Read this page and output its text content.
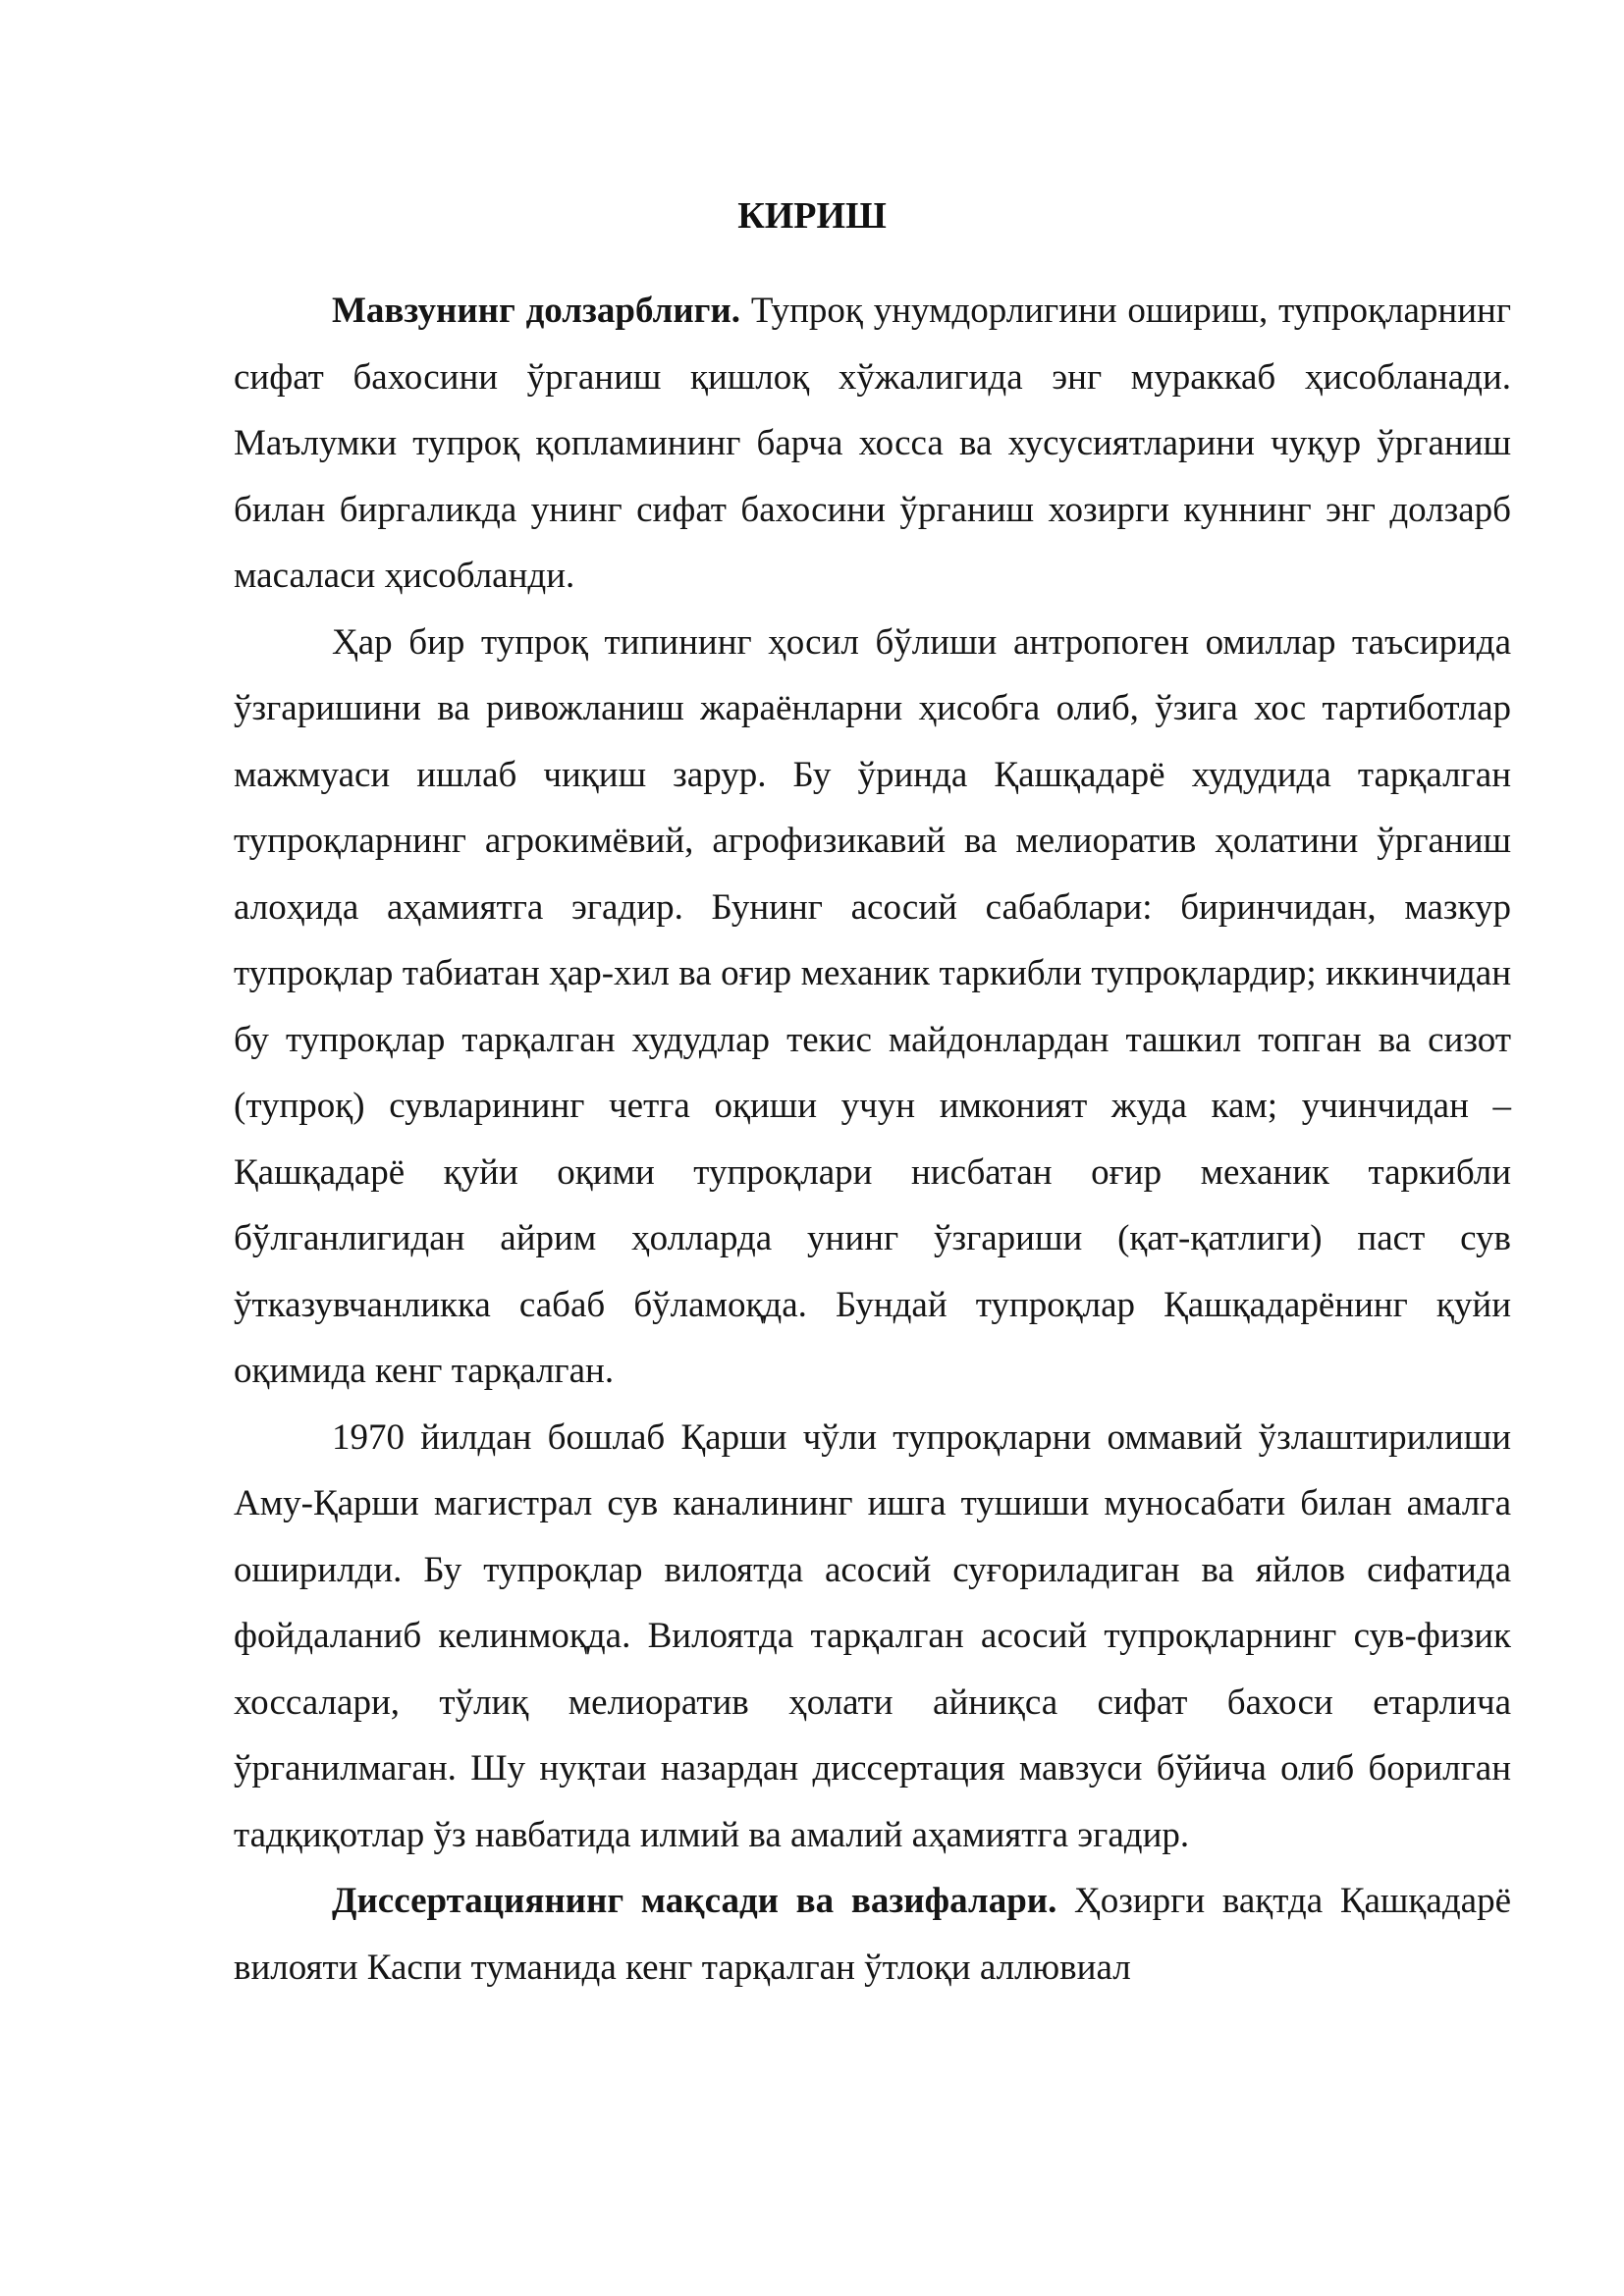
КИРИШ

Мавзунинг долзарблиги. Тупроқ унумдорлигини ошириш, тупроқларнинг сифат бахосини ўрганиш қишлоқ хўжалигида энг мураккаб ҳисобланади. Маълумки тупроқ қопламининг барча хосса ва хусусиятларини чуқур ўрганиш билан биргаликда унинг сифат бахосини ўрганиш хозирги куннинг энг долзарб масаласи ҳисобланди.

Ҳар бир тупроқ типининг ҳосил бўлиши антропоген омиллар таъсирида ўзгаришини ва ривожланиш жараёнларни ҳисобга олиб, ўзига хос тартиботлар мажмуаси ишлаб чиқиш зарур. Бу ўринда Қашқадарё худудида тарқалган тупроқларнинг агрокимёвий, агрофизикавий ва мелиоратив ҳолатини ўрганиш алоҳида аҳамиятга эгадир. Бунинг асосий сабаблари: биринчидан, мазкур тупроқлар табиатан ҳар-хил ва оғир механик таркибли тупроқлардир; иккинчидан бу тупроқлар тарқалган худудлар текис майдонлардан ташкил топган ва сизот (тупроқ) сувларининг четга оқиши учун имконият жуда кам; учинчидан – Қашқадарё қуйи оқими тупроқлари нисбатан оғир механик таркибли бўлганлигидан айрим ҳолларда унинг ўзгариши (қат-қатлиги) паст сув ўтказувчанликка сабаб бўламоқда. Бундай тупроқлар Қашқадарёнинг қуйи оқимида кенг тарқалган.

1970 йилдан бошлаб Қарши чўли тупроқларни оммавий ўзлаштирилиши Аму-Қарши магистрал сув каналининг ишга тушиши муносабати билан амалга оширилди. Бу тупроқлар вилоятда асосий суғориладиган ва яйлов сифатида фойдаланиб келинмоқда. Вилоятда тарқалган асосий тупроқларнинг сув-физик хоссалари, тўлиқ мелиоратив ҳолати айниқса сифат бахоси етарлича ўрганилмаган. Шу нуқтаи назардан диссертация мавзуси бўйича олиб борилган тадқиқотлар ўз навбатида илмий ва амалий аҳамиятга эгадир.

Диссертациянинг мақсади ва вазифалари. Ҳозирги вақтда Қашқадарё вилояти Каспи туманида кенг тарқалган ўтлоқи аллювиал
